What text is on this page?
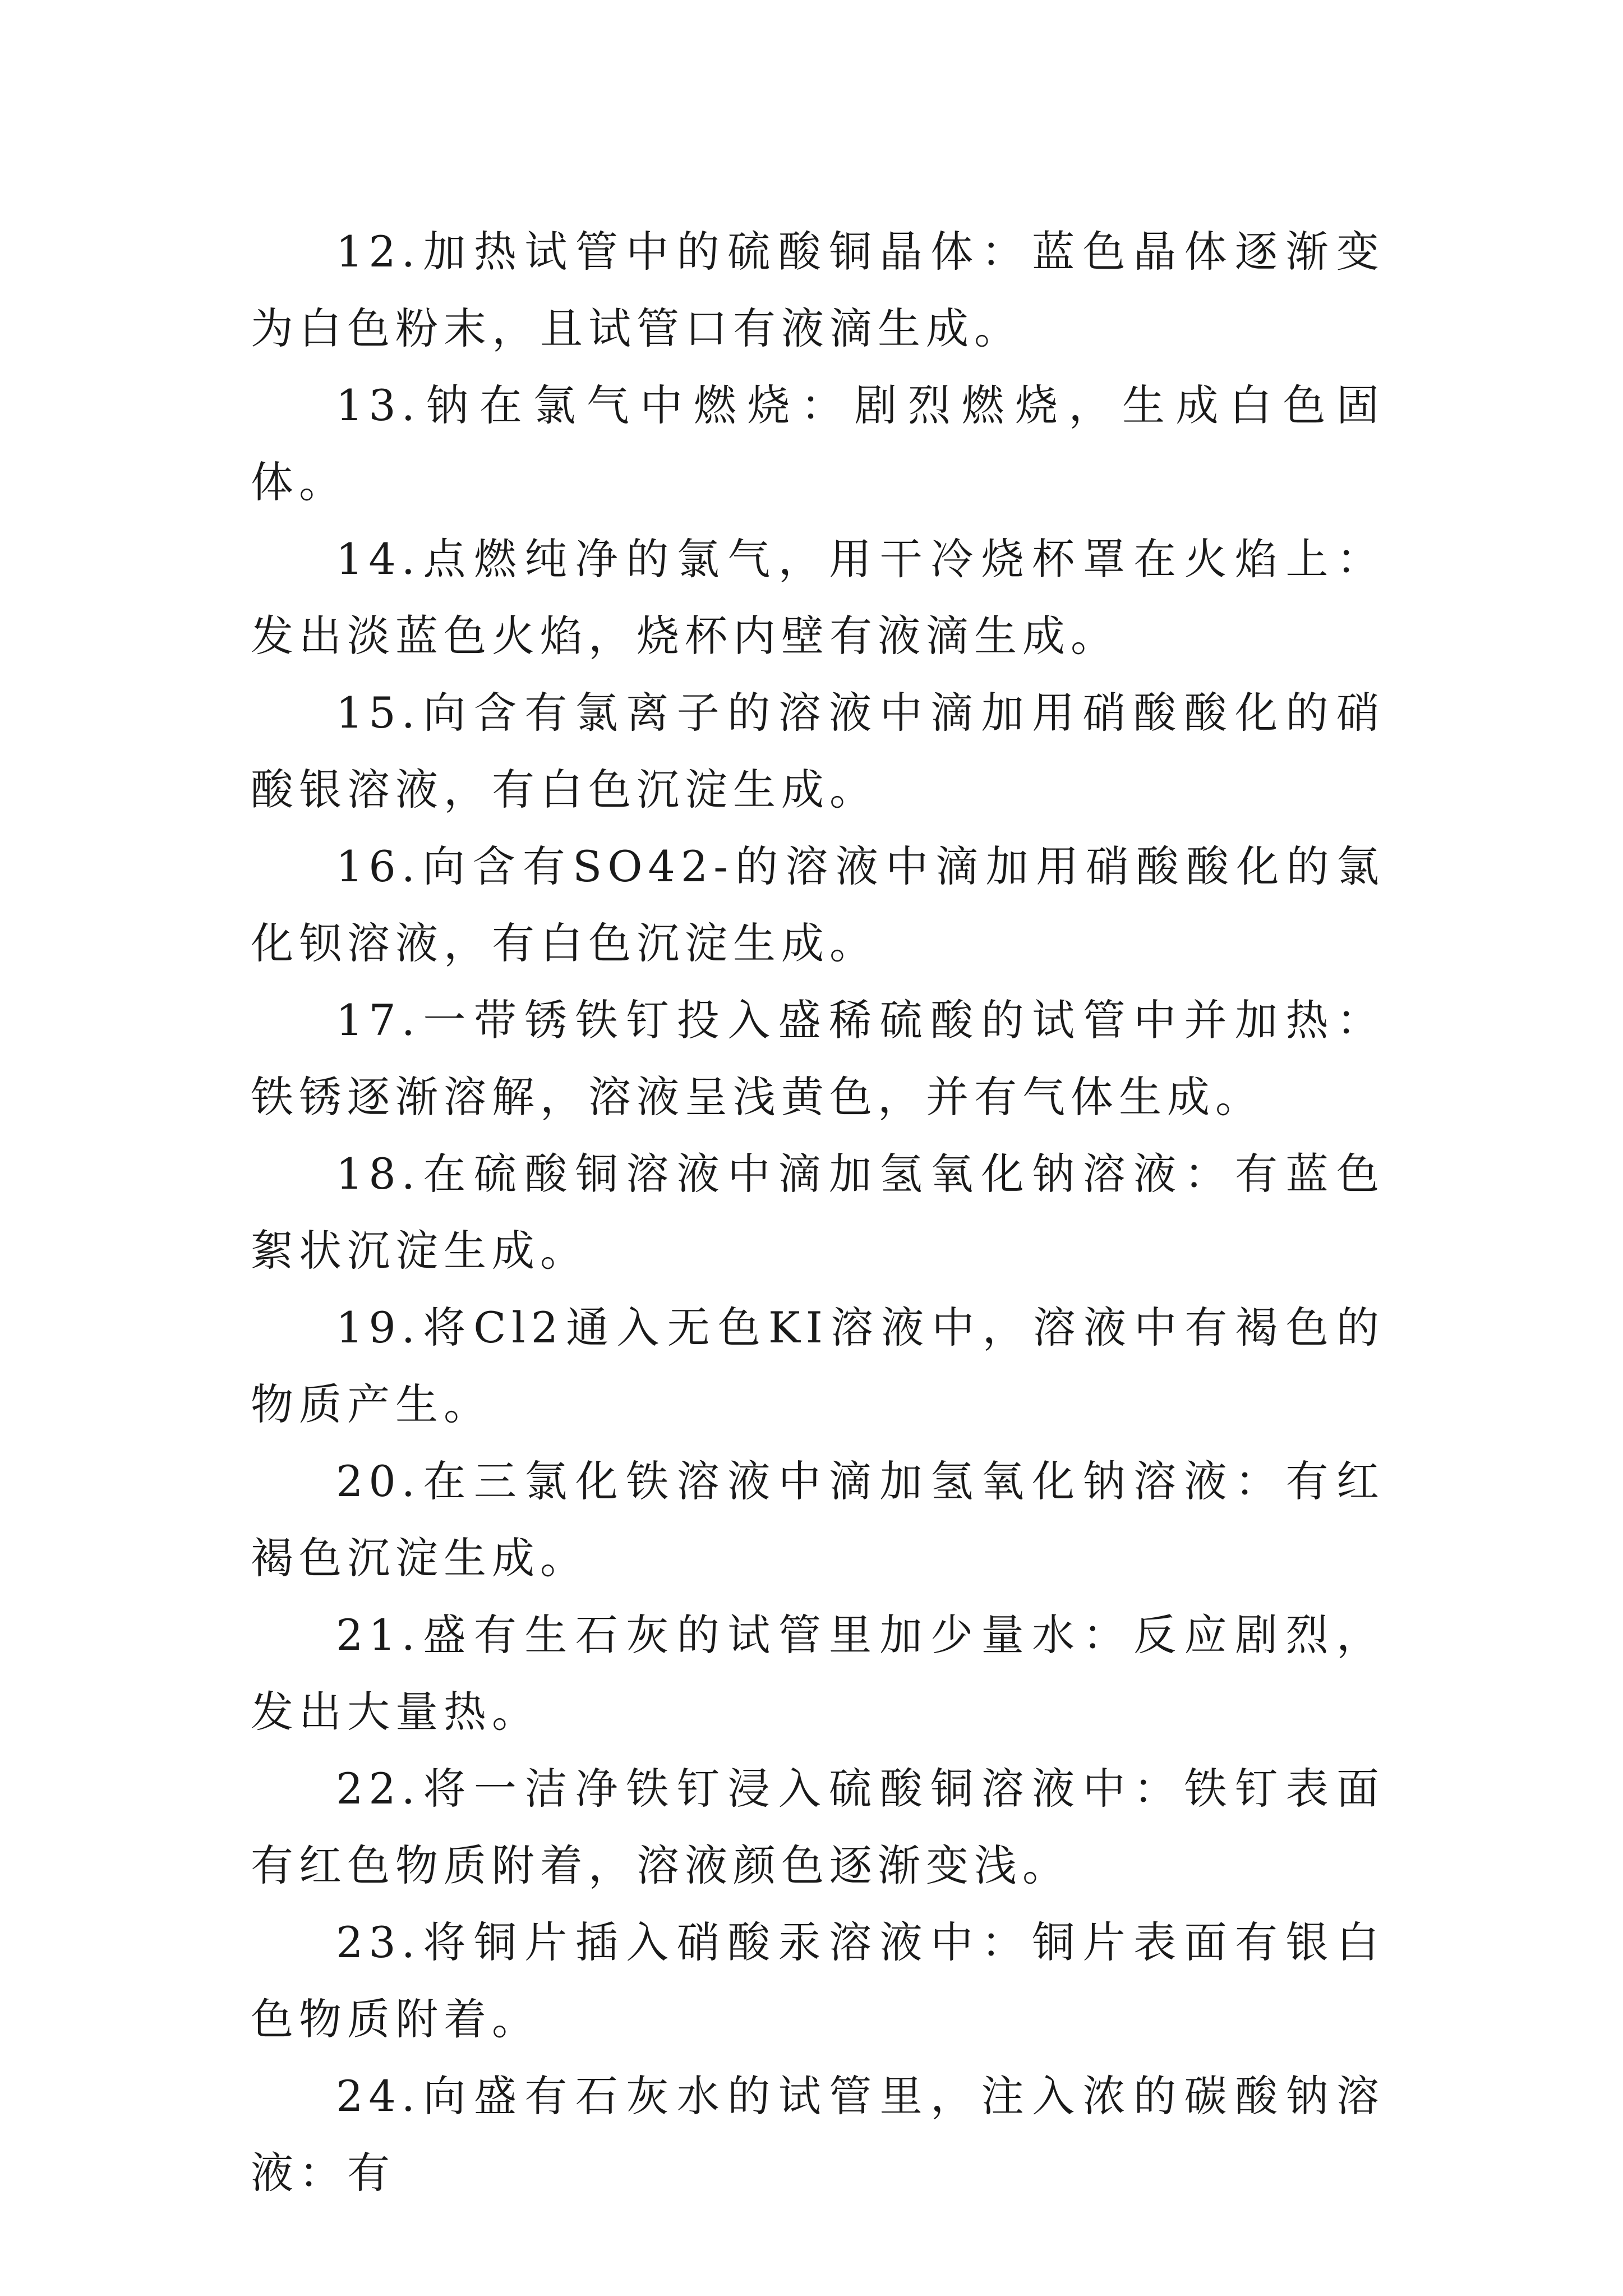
12.加热试管中的硫酸铜晶体：蓝色晶体逐渐变为白色粉末，且试管口有液滴生成。

13.钠在氯气中燃烧：剧烈燃烧，生成白色固体。

14.点燃纯净的氯气，用干冷烧杯罩在火焰上：发出淡蓝色火焰，烧杯内壁有液滴生成。

15.向含有氯离子的溶液中滴加用硝酸酸化的硝酸银溶液，有白色沉淀生成。

16.向含有SO42-的溶液中滴加用硝酸酸化的氯化钡溶液，有白色沉淀生成。

17.一带锈铁钉投入盛稀硫酸的试管中并加热：铁锈逐渐溶解，溶液呈浅黄色，并有气体生成。

18.在硫酸铜溶液中滴加氢氧化钠溶液：有蓝色絮状沉淀生成。

19.将Cl2通入无色KI溶液中，溶液中有褐色的物质产生。

20.在三氯化铁溶液中滴加氢氧化钠溶液：有红褐色沉淀生成。

21.盛有生石灰的试管里加少量水：反应剧烈，发出大量热。

22.将一洁净铁钉浸入硫酸铜溶液中：铁钉表面有红色物质附着，溶液颜色逐渐变浅。

23.将铜片插入硝酸汞溶液中：铜片表面有银白色物质附着。

24.向盛有石灰水的试管里，注入浓的碳酸钠溶液：有
